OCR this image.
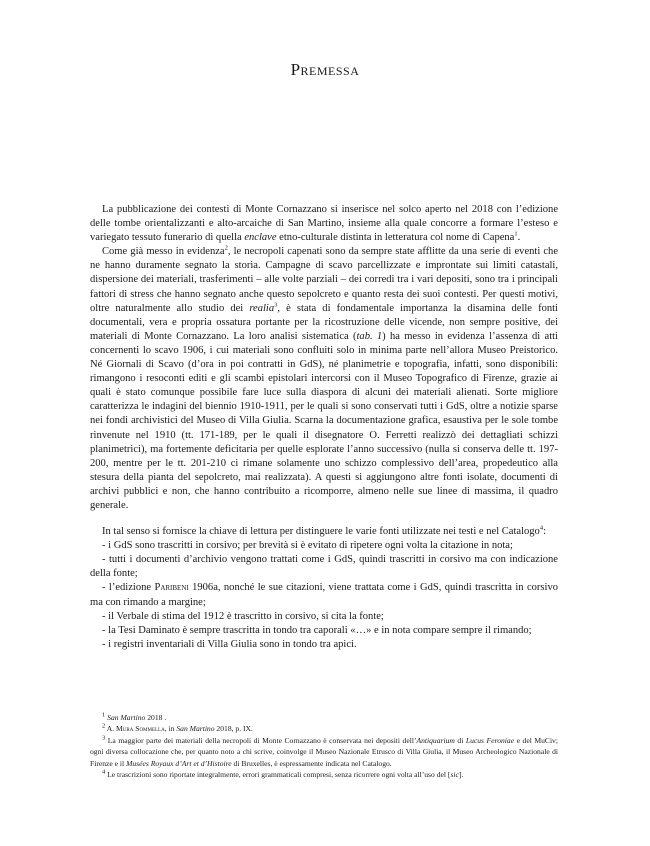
Premessa

La pubblicazione dei contesti di Monte Cornazzano si inserisce nel solco aperto nel 2018 con l’edizione delle tombe orientalizzanti e alto-arcaiche di San Martino, insieme alla quale concorre a formare l’esteso e variegato tessuto funerario di quella enclave etno-culturale distinta in letteratura col nome di Capena$^1$.

Come già messo in evidenza$^2$, le necropoli capenati sono da sempre state afflitte da una serie di eventi che ne hanno duramente segnato la storia. Campagne di scavo parcellizzate e improntate sui limiti catastali, dispersione dei materiali, trasferimenti – alle volte parziali – dei corredi tra i vari depositi, sono tra i principali fattori di stress che hanno segnato anche questo sepolcreto e quanto resta dei suoi contesti. Per questi motivi, oltre naturalmente allo studio dei realia$^3$, è stata di fondamentale importanza la disamina delle fonti documentali, vera e propria ossatura portante per la ricostruzione delle vicende, non sempre positive, dei materiali di Monte Cornazzano. La loro analisi sistematica (tab. 1) ha messo in evidenza l’assenza di atti concernenti lo scavo 1906, i cui materiali sono confluiti solo in minima parte nell’allora Museo Preistorico. Né Giornali di Scavo (d’ora in poi contratti in GdS), né planimetrie e topografia, infatti, sono disponibili: rimangono i resoconti editi e gli scambi epistolari intercorsi con il Museo Topografico di Firenze, grazie ai quali è stato comunque possibile fare luce sulla diaspora di alcuni dei materiali alienati. Sorte migliore caratterizza le indagini del biennio 1910-1911, per le quali si sono conservati tutti i GdS, oltre a notizie sparse nei fondi archivistici del Museo di Villa Giulia. Scarna la documentazione grafica, esaustiva per le sole tombe rinvenute nel 1910 (tt. 171-189, per le quali il disegnatore O. Ferretti realizzò dei dettagliati schizzi planimetrici), ma fortemente deficitaria per quelle esplorate l’anno successivo (nulla si conserva delle tt. 197-200, mentre per le tt. 201-210 ci rimane solamente uno schizzo complessivo dell’area, propedeutico alla stesura della pianta del sepolcreto, mai realizzata). A questi si aggiungono altre fonti isolate, documenti di archivi pubblici e non, che hanno contribuito a ricomporre, almeno nelle sue linee di massima, il quadro generale.

In tal senso si fornisce la chiave di lettura per distinguere le varie fonti utilizzate nei testi e nel Catalogo$^4$:

- i GdS sono trascritti in corsivo; per brevità si è evitato di ripetere ogni volta la citazione in nota;
- tutti i documenti d’archivio vengono trattati come i GdS, quindi trascritti in corsivo ma con indicazione della fonte;
- l’edizione Paribeni 1906a, nonché le sue citazioni, viene trattata come i GdS, quindi trascritta in corsivo ma con rimando a margine;
- il Verbale di stima del 1912 è trascritto in corsivo, si cita la fonte;
- la Tesi Daminato è sempre trascritta in tondo tra caporali «…» e in nota compare sempre il rimando;
- i registri inventariali di Villa Giulia sono in tondo tra apici.

$^1$ San Martino 2018 .

$^2$ A. Mura Sommella, in San Martino 2018, p. IX.

$^3$ La maggior parte dei materiali della necropoli di Monte Cornazzano è conservata nei depositi dell’Antiquarium di Lucus Feroniae e del MuCiv; ogni diversa collocazione che, per quanto noto a chi scrive, coinvolge il Museo Nazionale Etrusco di Villa Giulia, il Museo Archeologico Nazionale di Firenze e il Musées Royaux d’Art et d’Histoire di Bruxelles, è espressamente indicata nel Catalogo.

$^4$ Le trascrizioni sono riportate integralmente, errori grammaticali compresi, senza ricorrere ogni volta all’uso del [sic].
